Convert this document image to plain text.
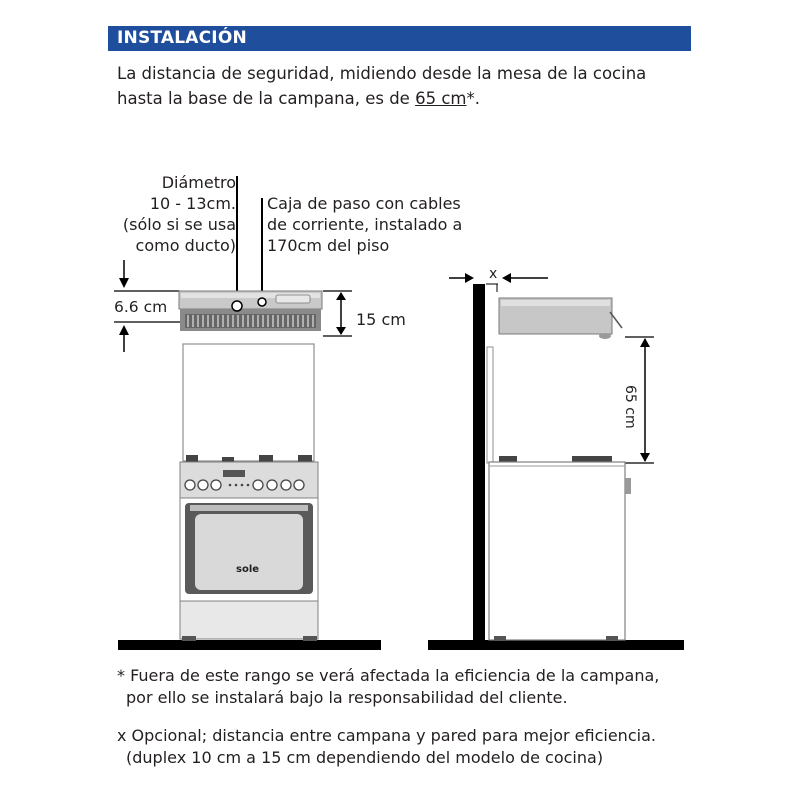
INSTALACIÓN
La distancia de seguridad, midiendo desde la mesa de la cocina
hasta la base de la campana, es de 65 cm*.
sole
Diámetro
10 - 13cm.
(sólo si se usa
como ducto)
Caja de paso con cables
de corriente, instalado a
170cm del piso
6.6 cm
15 cm
x
65 cm

* Fuera de este rango se verá afectada la eficiencia de la campana,

por ello se instalará bajo la responsabilidad del cliente.

x Opcional; distancia entre campana y pared para mejor eficiencia.

(duplex 10 cm a 15 cm dependiendo del modelo de cocina)
